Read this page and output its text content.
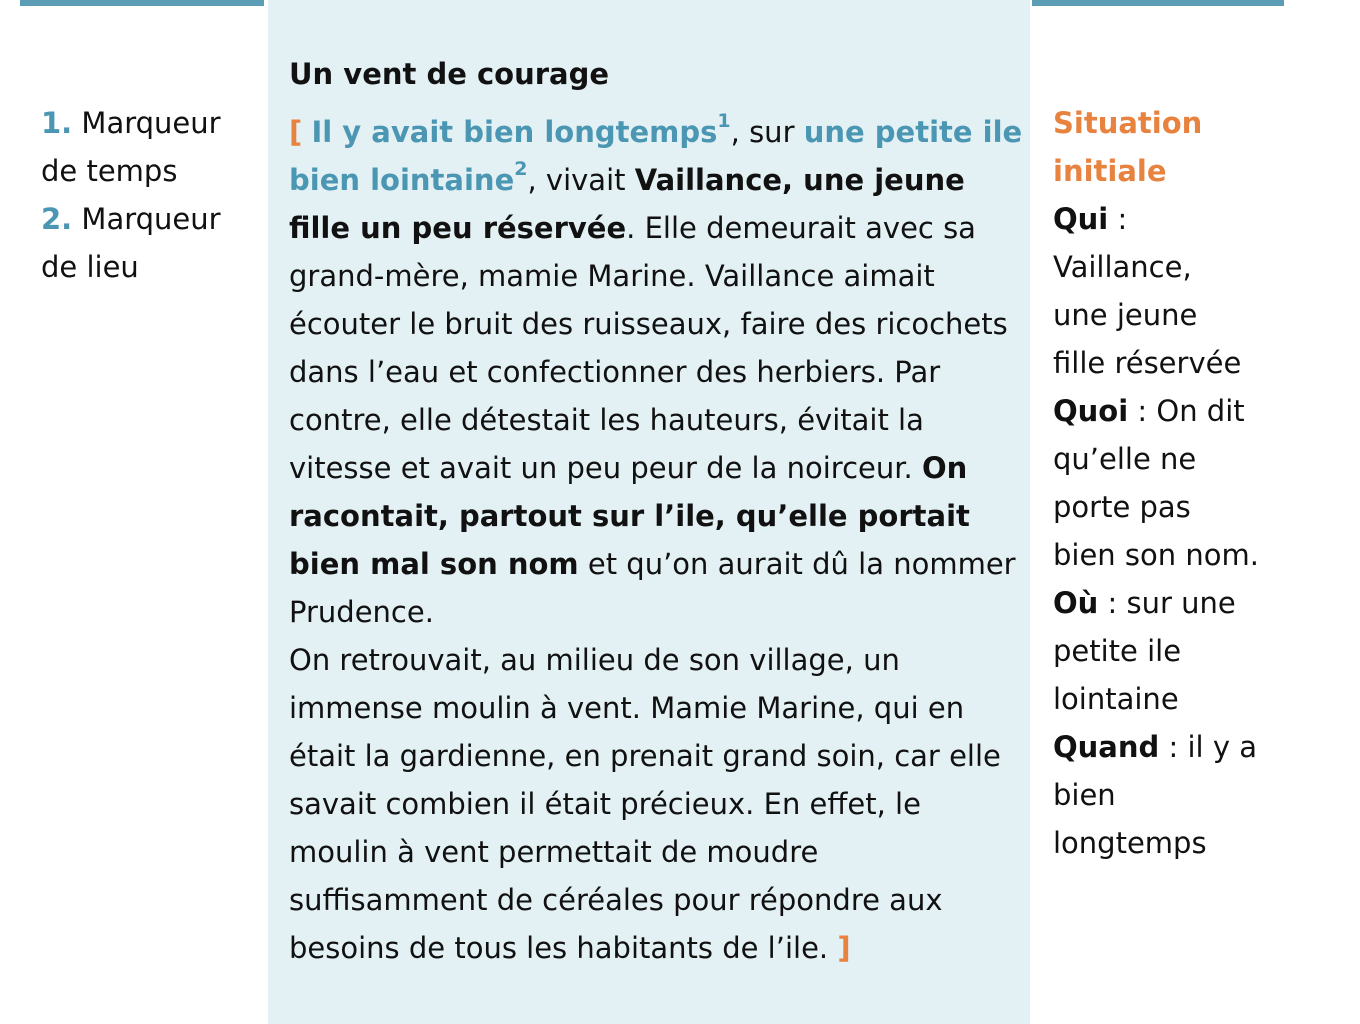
1. Marqueur
de temps
2. Marqueur
de lieu
Un vent de courage

[ Il y avait bien longtemps$^1$, sur une petite ile bien lointaine$^2$, vivait Vaillance, une jeune fille un peu réservée. Elle demeurait avec sa grand-mère, mamie Marine. Vaillance aimait écouter le bruit des ruisseaux, faire des ricochets dans l’eau et confectionner des herbiers. Par contre, elle détestait les hauteurs, évitait la vitesse et avait un peu peur de la noirceur. On racontait, partout sur l’ile, qu’elle portait bien mal son nom et qu’on aurait dû la nommer Prudence.

On retrouvait, au milieu de son village, un immense moulin à vent. Mamie Marine, qui en était la gardienne, en prenait grand soin, car elle savait combien il était précieux. En effet, le moulin à vent permettait de moudre suffisamment de céréales pour répondre aux besoins de tous les habitants de l’ile. ]

Situation
initiale
Qui :
Vaillance,
une jeune
fille réservée
Quoi : On dit
qu’elle ne
porte pas
bien son nom.
Où : sur une
petite ile
lointaine
Quand : il y a
bien
longtemps
